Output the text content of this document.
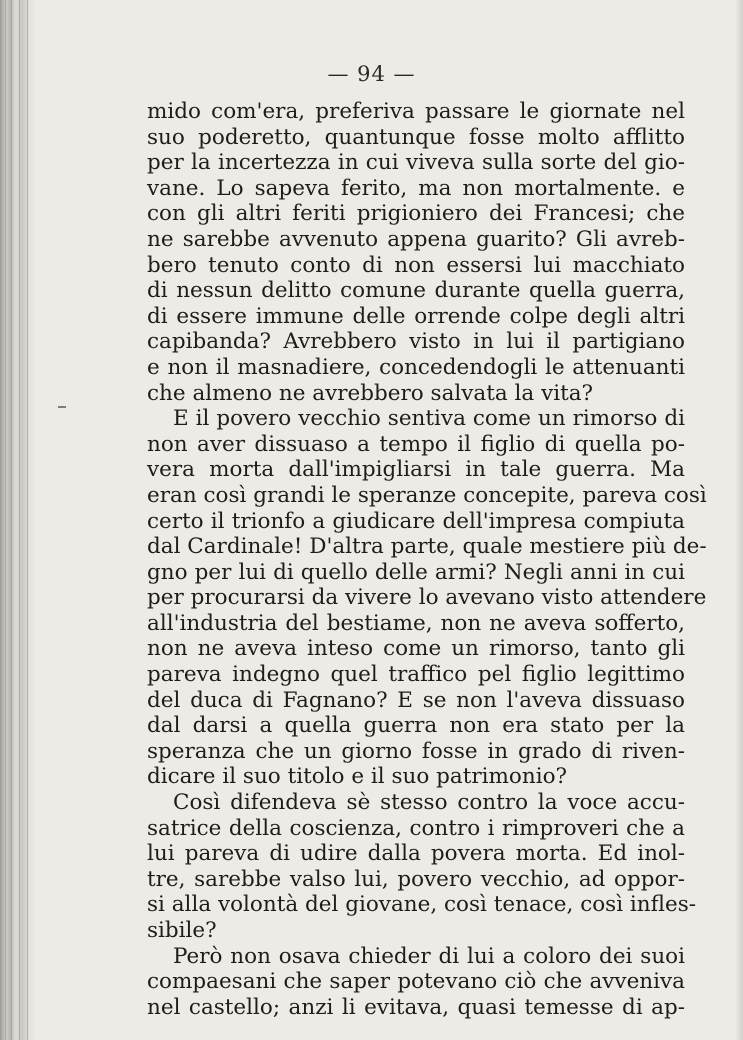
— 94 —
mido com'era, preferiva passare le giornate nel
suo poderetto, quantunque fosse molto afflitto
per la incertezza in cui viveva sulla sorte del gio-
vane. Lo sapeva ferito, ma non mortalmente. e
con gli altri feriti prigioniero dei Francesi; che
ne sarebbe avvenuto appena guarito? Gli avreb-
bero tenuto conto di non essersi lui macchiato
di nessun delitto comune durante quella guerra,
di essere immune delle orrende colpe degli altri
capibanda? Avrebbero visto in lui il partigiano
e non il masnadiere, concedendogli le attenuanti
che almeno ne avrebbero salvata la vita?
E il povero vecchio sentiva come un rimorso di
non aver dissuaso a tempo il figlio di quella po-
vera morta dall'impigliarsi in tale guerra. Ma
eran così grandi le speranze concepite, pareva così
certo il trionfo a giudicare dell'impresa compiuta
dal Cardinale! D'altra parte, quale mestiere più de-
gno per lui di quello delle armi? Negli anni in cui
per procurarsi da vivere lo avevano visto attendere
all'industria del bestiame, non ne aveva sofferto,
non ne aveva inteso come un rimorso, tanto gli
pareva indegno quel traffico pel figlio legittimo
del duca di Fagnano? E se non l'aveva dissuaso
dal darsi a quella guerra non era stato per la
speranza che un giorno fosse in grado di riven-
dicare il suo titolo e il suo patrimonio?
Così difendeva sè stesso contro la voce accu-
satrice della coscienza, contro i rimproveri che a
lui pareva di udire dalla povera morta. Ed inol-
tre, sarebbe valso lui, povero vecchio, ad oppor-
si alla volontà del giovane, così tenace, così infles-
sibile?
Però non osava chieder di lui a coloro dei suoi
compaesani che saper potevano ciò che avveniva
nel castello; anzi li evitava, quasi temesse di ap-
